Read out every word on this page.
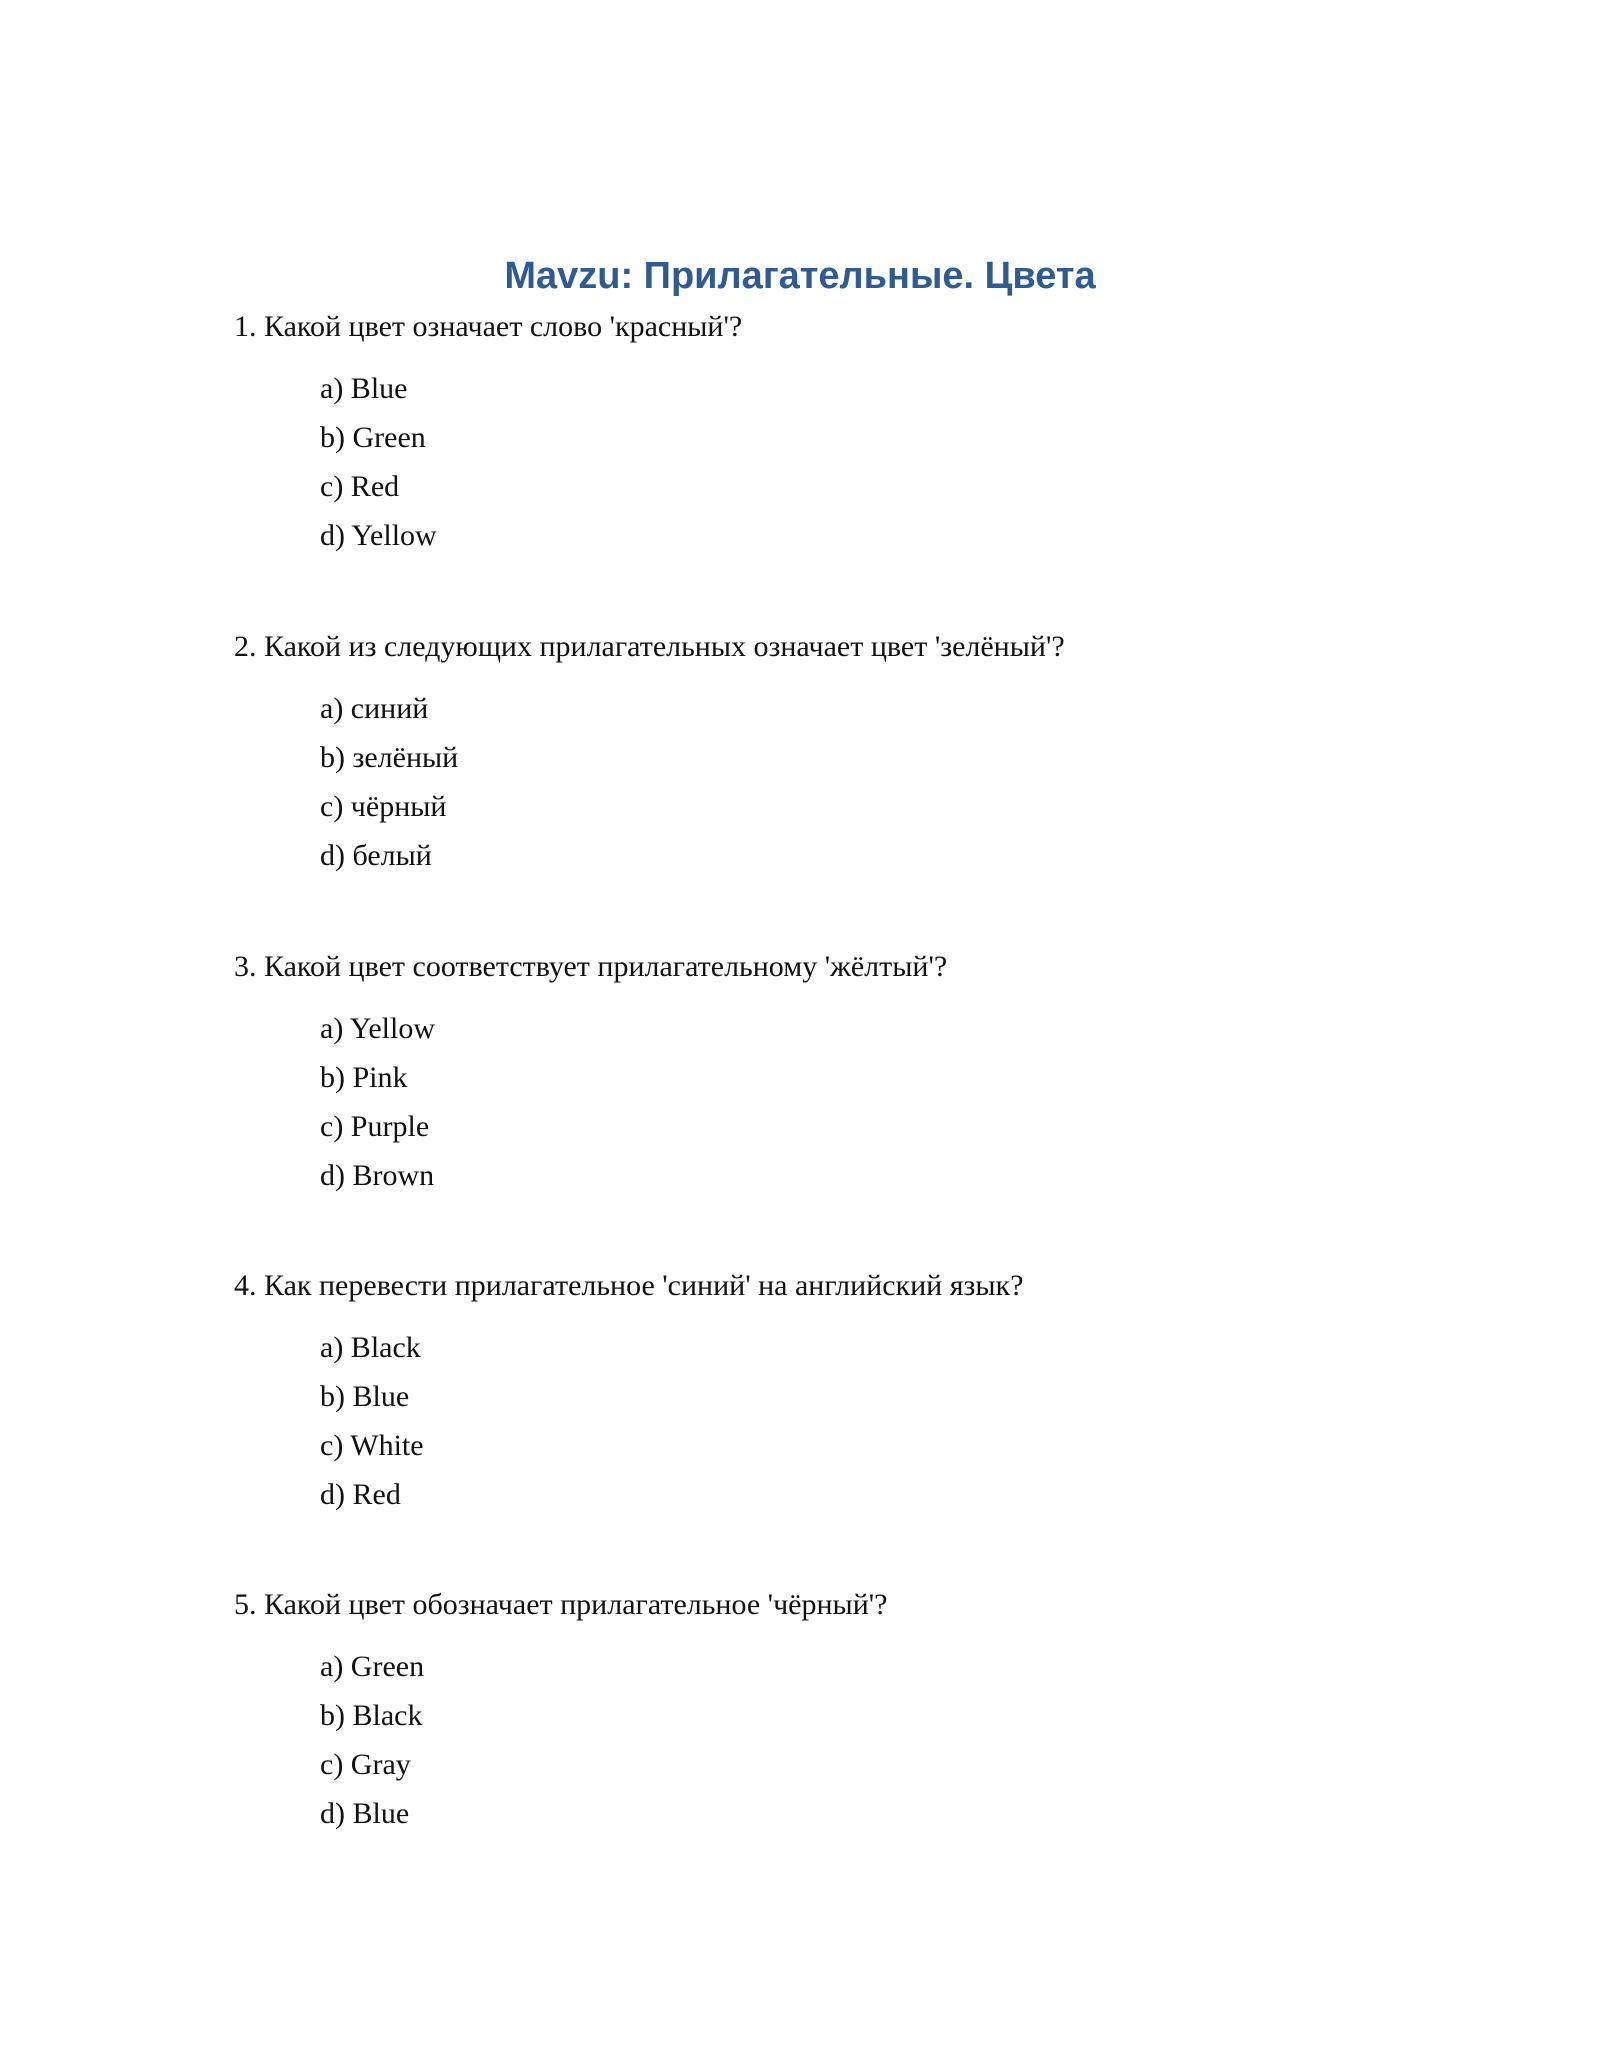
Mavzu: Прилагательные. Цвета

1. Какой цвет означает слово 'красный'?

a) Blue
b) Green
c) Red
d) Yellow

2. Какой из следующих прилагательных означает цвет 'зелёный'?

a) синий
b) зелёный
c) чёрный
d) белый

3. Какой цвет соответствует прилагательному 'жёлтый'?

a) Yellow
b) Pink
c) Purple
d) Brown

4. Как перевести прилагательное 'синий' на английский язык?

a) Black
b) Blue
c) White
d) Red

5. Какой цвет обозначает прилагательное 'чёрный'?

a) Green
b) Black
c) Gray
d) Blue
